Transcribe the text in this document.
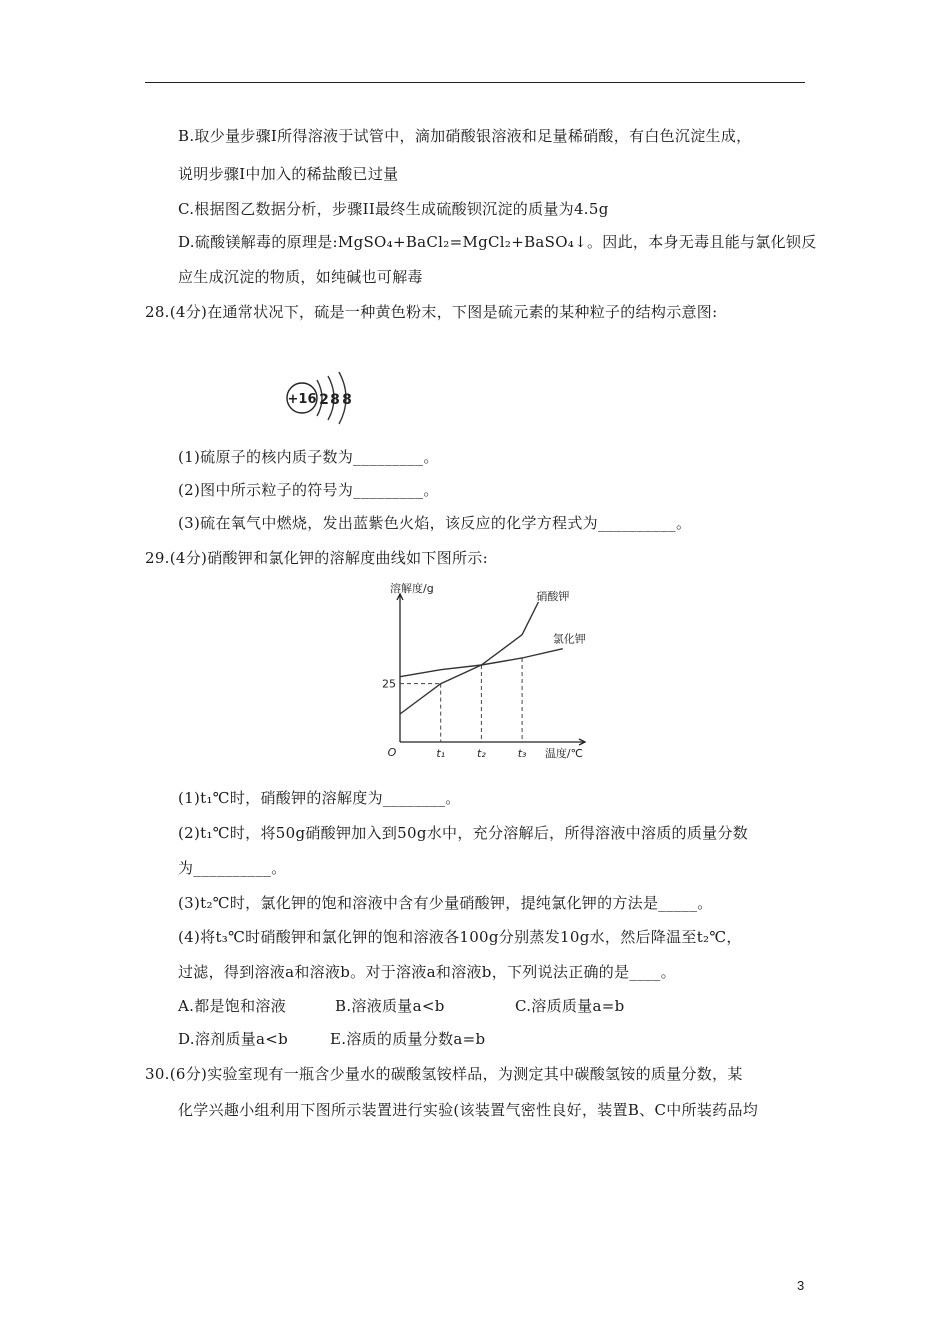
B.取少量步骤Ⅰ所得溶液于试管中，滴加硝酸银溶液和足量稀硝酸，有白色沉淀生成，
说明步骤Ⅰ中加入的稀盐酸已过量
C.根据图乙数据分析，步骤II最终生成硫酸钡沉淀的质量为4.5g
D.硫酸镁解毒的原理是:MgSO₄+BaCl₂=MgCl₂+BaSO₄↓。因此，本身无毒且能与氯化钡反
应生成沉淀的物质，如纯碱也可解毒
28.(4分)在通常状况下，硫是一种黄色粉末，下图是硫元素的某种粒子的结构示意图:
+16 2 8 8
(1)硫原子的核内质子数为_________。
(2)图中所示粒子的符号为_________。
(3)硫在氧气中燃烧，发出蓝紫色火焰，该反应的化学方程式为__________。
29.(4分)硝酸钾和氯化钾的溶解度曲线如下图所示:
t₁	t₂	t₃
25
O
溶解度/g
温度/℃
硝酸钾
氯化钾
(1)t₁℃时，硝酸钾的溶解度为________。
(2)t₁℃时，将50g硝酸钾加入到50g水中，充分溶解后，所得溶液中溶质的质量分数
为__________。
(3)t₂℃时，氯化钾的饱和溶液中含有少量硝酸钾，提纯氯化钾的方法是_____。
(4)将t₃℃时硝酸钾和氯化钾的饱和溶液各100g分别蒸发10g水，然后降温至t₂℃，
过滤，得到溶液a和溶液b。对于溶液a和溶液b，下列说法正确的是____。
A.都是饱和溶液	B.溶液质量a<b	C.溶质质量a=b
D.溶剂质量a<b	E.溶质的质量分数a=b
30.(6分)实验室现有一瓶含少量水的碳酸氢铵样品，为测定其中碳酸氢铵的质量分数，某
化学兴趣小组利用下图所示装置进行实验(该装置气密性良好，装置B、C中所装药品均
3
